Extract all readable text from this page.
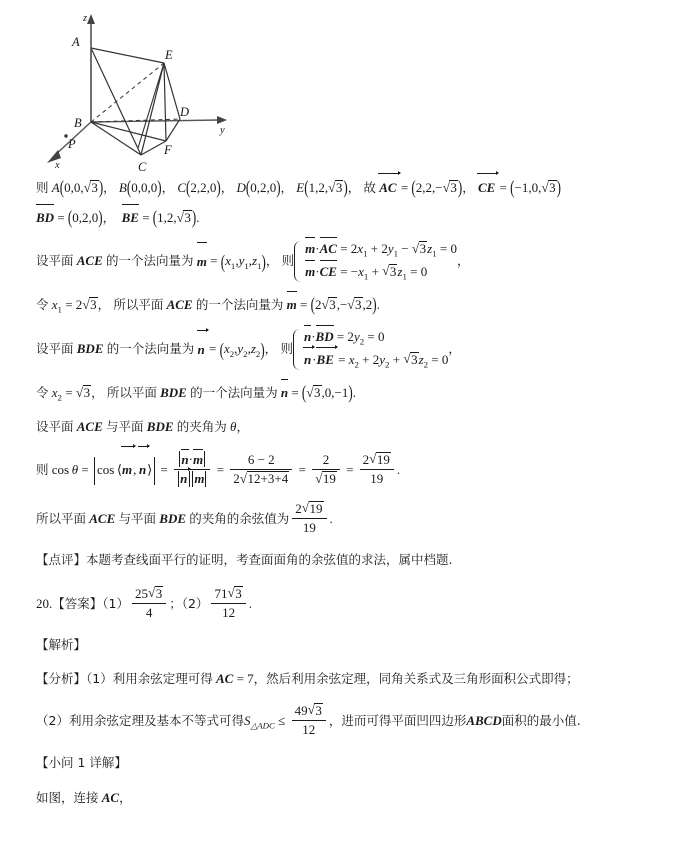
A
E
B
D
P	F
C
z
y
x
则 A(0,0, √ 3)， B(0,0,0)， C(2,2,0)， D(0,2,0)， E(1,2, √ 3)， 故 AC = (2,2,− √ 3)， CE = (−1,0, √ 3)
BD = (0,2,0)， BE = (1,2, √ 3).
设平面 ACE 的一个法向量为 $m = (x_1,y_1,z_1)$， 则
$m\cdot AC = 2x_1 + 2y_1$ − √ $3z_1 = 0$
$m\cdot CE = -x_1$ + √ $3z_1 = 0$
，
令 $x_1 = 2$ √ 3， 所以平面 ACE 的一个法向量为 m = (2 √ 3,− √ 3,2).
设平面 BDE 的一个法向量为 $n = (x_2,y_2,z_2)$， 则
$n\cdot BD = 2y_2 = 0$
$n\cdot BE = x_2 + 2y_2$ + √ $3z_2 = 0$
，
令 $x_2$ = √ 3， 所以平面 BDE 的一个法向量为 n = ( √ 3,0,−1).
设平面 ACE 与平面 BDE 的夹角为 θ，
则 cos θ = cos ⟨m, n⟩ = $\frac{n\cdot m}{\text{n m}} = \frac{6 - 2}{2 √ 12+3+4} = 2$
√ $19 = \frac{2 √ 19}{19}$ .
所以平面 ACE 与平面 BDE 的夹角的余弦值为 $\frac{2 √ 19}{19}$ .
【点评】本题考查线面平行的证明，考查面面角的余弦值的求法，属中档题.
20.【答案】$(1) \frac{25 √ 3}{4}$ ；$(2) \frac{71 √ 3}{12}$ .
【解析】
【分析】（1）利用余弦定理可得 AC = 7，然后利用余弦定理，同角关系式及三角形面积公式即得；
（2）利用余弦定理及基本不等式可得$S_{\triangle ADC} \le \frac{49 √ 3}{12}$ ，进而可得平面凹四边形ABCD面积的最小值.
【小问 1 详解】
如图，连接 AC，
